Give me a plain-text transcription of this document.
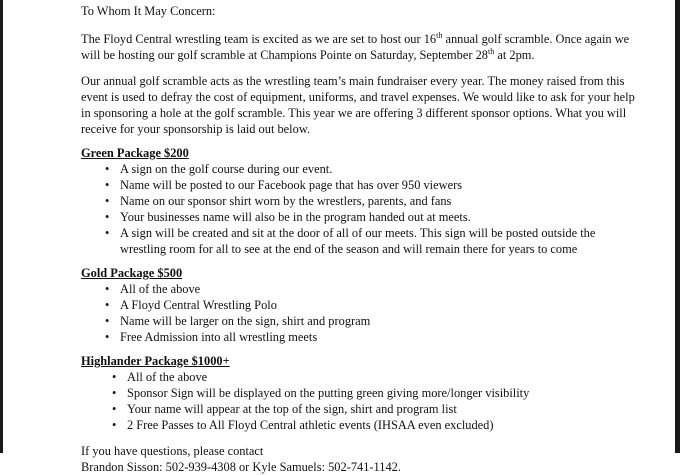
To Whom It May Concern:

The Floyd Central wrestling team is excited as we are set to host our 16th annual golf scramble. Once again we will be hosting our golf scramble at Champions Pointe on Saturday, September 28th at 2pm.

Our annual golf scramble acts as the wrestling team’s main fundraiser every year. The money raised from this event is used to defray the cost of equipment, uniforms, and travel expenses. We would like to ask for your help in sponsoring a hole at the golf scramble. This year we are offering 3 different sponsor options. What you will receive for your sponsorship is laid out below.

Green Package $200
• A sign on the golf course during our event.
• Name will be posted to our Facebook page that has over 950 viewers
• Name on our sponsor shirt worn by the wrestlers, parents, and fans
• Your businesses name will also be in the program handed out at meets.
• A sign will be created and sit at the door of all of our meets. This sign will be posted outside the wrestling room for all to see at the end of the season and will remain there for years to come
Gold Package $500
• All of the above
• A Floyd Central Wrestling Polo
• Name will be larger on the sign, shirt and program
• Free Admission into all wrestling meets
Highlander Package $1000+
• All of the above
• Sponsor Sign will be displayed on the putting green giving more/longer visibility
• Your name will appear at the top of the sign, shirt and program list
• 2 Free Passes to All Floyd Central athletic events (IHSAA even excluded)

If you have questions, please contact

Brandon Sisson: 502-939-4308 or Kyle Samuels: 502-741-1142.
